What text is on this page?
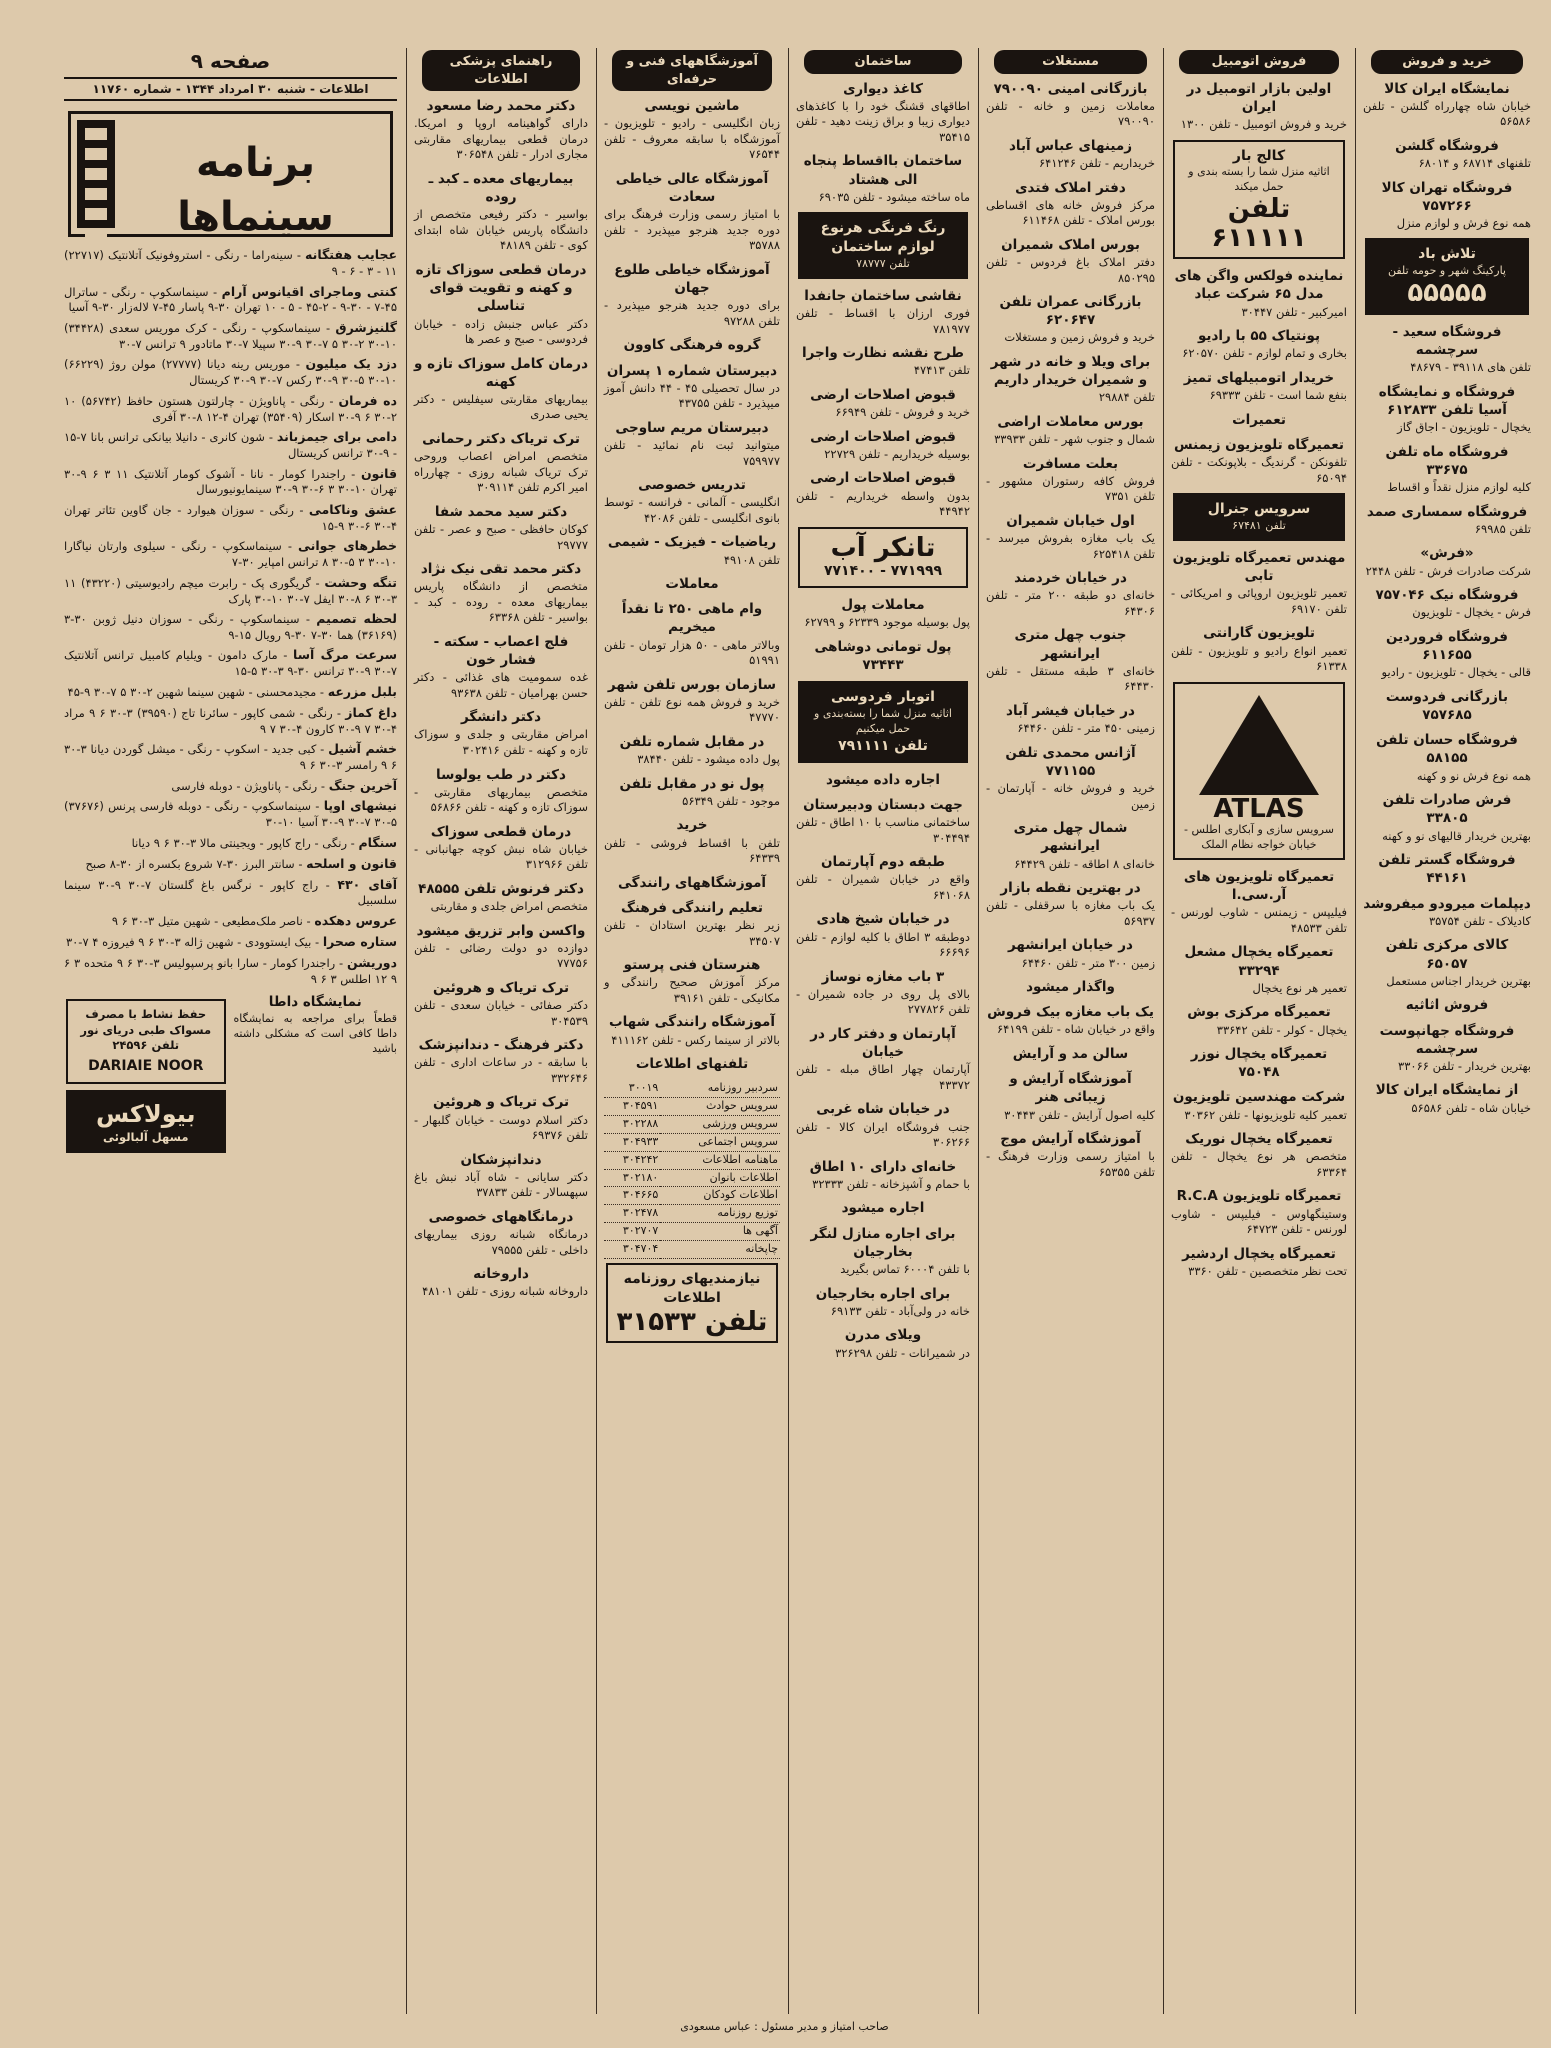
خرید و فروش
نمایشگاه ایران کالا
خیابان شاه چهارراه گلشن - تلفن ۵۶۵۸۶
فروشگاه گلشن
تلفنهای ۶۸۷۱۴ و ۶۸۰۱۴
فروشگاه تهران کالا ۷۵۷۲۶۶
همه نوع فرش و لوازم منزل
تلاش باد
پارکینگ شهر و حومه تلفن
۵۵۵۵۵
فروشگاه سعید - سرچشمه
تلفن های ۳۹۱۱۸ - ۴۸۶۷۹
فروشگاه و نمایشگاه آسیا تلفن ۶۱۲۸۳۳
یخچال - تلویزیون - اجاق گاز
فروشگاه ماه تلفن ۳۳۶۷۵
کلیه لوازم منزل نقداً و اقساط
فروشگاه سمساری صمد
تلفن ۶۹۹۸۵
«فرش»
شرکت صادرات فرش - تلفن ۲۴۴۸
فروشگاه نیک ۷۵۷۰۴۶
فرش - یخچال - تلویزیون
فروشگاه فروردین ۶۱۱۶۵۵
قالی - یخچال - تلویزیون - رادیو
بازرگانی فردوست ۷۵۷۶۸۵
فروشگاه حسان تلفن ۵۸۱۵۵
همه نوع فرش نو و کهنه
فرش صادرات تلفن ۳۳۸۰۵
بهترین خریدار قالیهای نو و کهنه
فروشگاه گستر تلفن ۴۴۱۶۱
دیپلمات میرودو میفروشد
کادیلاک - تلفن ۳۵۷۵۴
کالای مرکزی تلفن ۶۵۰۵۷
بهترین خریدار اجناس مستعمل
فروش اثاثیه
فروشگاه جهانپوست سرچشمه
بهترین خریدار - تلفن ۳۳۰۶۶
از نمایشگاه ایران کالا
خیابان شاه - تلفن ۵۶۵۸۶
فروش اتومبیل
اولین بازار اتومبیل در ایران
خرید و فروش اتومبیل - تلفن ۱۳۰۰
کالج بار
اثاثیه منزل شما را بسته بندی و حمل میکند
تلفن ۶۱۱۱۱۱
نماینده فولکس واگن های مدل ۶۵ شرکت عباد
امیرکبیر - تلفن ۳۰۴۴۷
پونتیاک ۵۵ با رادیو
بخاری و تمام لوازم - تلفن ۶۲۰۵۷۰
خریدار اتومبیلهای تمیز
بنفع شما است - تلفن ۶۹۳۳۳
تعمیرات
تعمیرگاه تلویزیون زیمنس
تلفونکن - گرندیگ - بلاپونکت - تلفن ۶۵۰۹۴
سرویس جنرال
تلفن ۶۷۴۸۱
مهندس تعمیرگاه تلویزیون تابی
تعمیر تلویزیون اروپائی و امریکائی - تلفن ۶۹۱۷۰
تلویزیون گارانتی
تعمیر انواع رادیو و تلویزیون - تلفن ۶۱۳۳۸
ATLAS
سرویس سازی و آبکاری اطلس - خیابان خواجه نظام الملک
تعمیرگاه تلویزیون های آر.سی.ا
فیلیپس - زیمنس - شاوب لورنس - تلفن ۴۸۵۳۳
تعمیرگاه یخچال مشعل ۳۳۲۹۴
تعمیر هر نوع یخچال
تعمیرگاه مرکزی بوش
یخچال - کولر - تلفن ۳۳۶۴۲
تعمیرگاه یخچال نوزر ۷۵۰۴۸
شرکت مهندسین تلویزیون
تعمیر کلیه تلویزیونها - تلفن ۳۰۳۶۲
تعمیرگاه یخچال نوریک
متخصص هر نوع یخچال - تلفن ۶۳۳۶۴
تعمیرگاه تلویزیون R.C.A
وستینگهاوس - فیلیپس - شاوب لورنس - تلفن ۶۴۷۲۳
تعمیرگاه یخچال اردشیر
تحت نظر متخصصین - تلفن ۳۳۶۰
مستغلات
بازرگانی امینی ۷۹۰۰۹۰
معاملات زمین و خانه - تلفن ۷۹۰۰۹۰
زمینهای عباس آباد
خریداریم - تلفن ۶۴۱۲۴۶
دفتر املاک فتدی
مرکز فروش خانه های اقساطی بورس املاک - تلفن ۶۱۱۴۶۸
بورس املاک شمیران
دفتر املاک باغ فردوس - تلفن ۸۵۰۲۹۵
بازرگانی عمران تلفن ۶۲۰۶۴۷
خرید و فروش زمین و مستغلات
برای ویلا و خانه در شهر و شمیران خریدار داریم
تلفن ۲۹۸۸۴
بورس معاملات اراضی
شمال و جنوب شهر - تلفن ۳۳۹۳۳
بعلت مسافرت
فروش کافه رستوران مشهور - تلفن ۷۳۵۱
اول خیابان شمیران
یک باب مغازه بفروش میرسد - تلفن ۶۲۵۴۱۸
در خیابان خردمند
خانه‌ای دو طبقه ۲۰۰ متر - تلفن ۶۴۳۰۶
جنوب چهل متری ایرانشهر
خانه‌ای ۳ طبقه مستقل - تلفن ۶۴۴۳۰
در خیابان فیشر آباد
زمینی ۴۵۰ متر - تلفن ۶۴۴۶۰
آژانس محمدی تلفن ۷۷۱۱۵۵
خرید و فروش خانه - آپارتمان - زمین
شمال چهل متری ایرانشهر
خانه‌ای ۸ اطاقه - تلفن ۶۴۴۲۹
در بهترین نقطه بازار
یک باب مغازه با سرقفلی - تلفن ۵۶۹۳۷
در خیابان ایرانشهر
زمین ۳۰۰ متر - تلفن ۶۴۴۶۰
واگذار میشود
یک باب مغازه بیک فروش
واقع در خیابان شاه - تلفن ۶۴۱۹۹
سالن مد و آرایش
آموزشگاه آرایش و زیبائی هنر
کلیه اصول آرایش - تلفن ۳۰۴۴۳
آموزشگاه آرایش موج
با امتیاز رسمی وزارت فرهنگ - تلفن ۶۵۳۵۵
ساختمان
کاغذ دیواری
اطاقهای قشنگ خود را با کاغذهای دیواری زیبا و براق زینت دهید - تلفن ۳۵۴۱۵
ساختمان بااقساط پنجاه الی هشتاد
ماه ساخته میشود - تلفن ۶۹۰۳۵
رنگ فرنگی هرنوع لوازم ساختمان
تلفن ۷۸۷۷۷
نقاشی ساختمان جانفدا
فوری ارزان با اقساط - تلفن ۷۸۱۹۷۷
طرح نقشه نظارت واجرا
تلفن ۴۷۴۱۳
قبوض اصلاحات ارضی
خرید و فروش - تلفن ۶۶۹۴۹
قبوض اصلاحات ارضی
بوسیله خریداریم - تلفن ۲۲۷۲۹
قبوض اصلاحات ارضی
بدون واسطه خریداریم - تلفن ۴۴۹۴۲
تانکر آب
۷۷۱۹۹۹ - ۷۷۱۴۰۰
معاملات پول
پول بوسیله موجود ۶۲۳۳۹ و ۶۲۷۹۹
پول تومانی دوشاهی ۷۳۴۴۳
اتوبار فردوسی
اثاثیه منزل شما را بسته‌بندی و حمل میکنیم
تلفن ۷۹۱۱۱۱
اجاره داده میشود
جهت دبستان ودبیرستان
ساختمانی مناسب با ۱۰ اطاق - تلفن ۳۰۴۴۹۴
طبقه دوم آپارتمان
واقع در خیابان شمیران - تلفن ۶۴۱۰۶۸
در خیابان شیخ هادی
دوطبقه ۳ اطاق با کلیه لوازم - تلفن ۶۶۶۹۶
۳ باب مغازه نوساز
بالای پل روی در جاده شمیران - تلفن ۲۷۷۸۲۶
آپارتمان و دفتر کار در خیابان
آپارتمان چهار اطاق مبله - تلفن ۴۳۳۷۲
در خیابان شاه غربی
جنب فروشگاه ایران کالا - تلفن ۳۰۶۲۶۶
خانه‌ای دارای ۱۰ اطاق
با حمام و آشپزخانه - تلفن ۳۲۳۳۳
اجاره میشود
برای اجاره منازل لنگر بخارجیان
با تلفن ۶۰۰۰۴ تماس بگیرید
برای اجاره بخارجیان
خانه در ولی‌آباد - تلفن ۶۹۱۳۳
ویلای مدرن
در شمیرانات - تلفن ۳۲۶۲۹۸
آموزشگاههای فنی و حرفه‌ای
ماشین نویسی
زبان انگلیسی - رادیو - تلویزیون - آموزشگاه با سابقه معروف - تلفن ۷۶۵۴۴
آموزشگاه عالی خیاطی سعادت
با امتیاز رسمی وزارت فرهنگ برای دوره جدید هنرجو میپذیرد - تلفن ۳۵۷۸۸
آموزشگاه خیاطی طلوع جهان
برای دوره جدید هنرجو میپذیرد - تلفن ۹۷۲۸۸
گروه فرهنگی کاوون
دبیرستان شماره ۱ پسران
در سال تحصیلی ۴۵ - ۴۴ دانش آموز میپذیرد - تلفن ۴۳۷۵۵
دبیرستان مریم ساوجی
میتوانید ثبت نام نمائید - تلفن ۷۵۹۹۷۷
تدریس خصوصی
انگلیسی - آلمانی - فرانسه - توسط بانوی انگلیسی - تلفن ۴۲۰۸۶
ریاضیات - فیزیک - شیمی
تلفن ۴۹۱۰۸
معاملات
وام ماهی ۲۵۰ تا نقداً میخریم
وبالاتر ماهی - ۵۰ هزار تومان - تلفن ۵۱۹۹۱
سازمان بورس تلفن شهر
خرید و فروش همه نوع تلفن - تلفن ۴۷۷۷۰
در مقابل شماره تلفن
پول داده میشود - تلفن ۳۸۴۴۰
پول نو در مقابل تلفن
موجود - تلفن ۵۶۳۴۹
خرید
تلفن با اقساط فروشی - تلفن ۶۴۳۳۹
آموزشگاههای رانندگی
تعلیم رانندگی فرهنگ
زیر نظر بهترین استادان - تلفن ۳۴۵۰۷
هنرستان فنی پرستو
مرکز آموزش صحیح رانندگی و مکانیکی - تلفن ۳۹۱۶۱
آموزشگاه رانندگی شهاب
بالاتر از سینما رکس - تلفن ۴۱۱۱۶۲
تلفنهای اطلاعات
سردبیر روزنامه	۳۰۰۱۹
سرویس حوادث	۳۰۴۵۹۱
سرویس ورزشی	۳۰۲۲۸۸
سرویس اجتماعی	۳۰۴۹۳۳
ماهنامه اطلاعات	۳۰۴۲۴۲
اطلاعات بانوان	۳۰۲۱۸۰
اطلاعات کودکان	۳۰۴۶۶۵
توزیع روزنامه	۳۰۲۴۷۸
آگهی ها	۳۰۲۷۰۷
چاپخانه	۳۰۴۷۰۴
نیازمندیهای روزنامه اطلاعات
تلفن ۳۱۵۳۳
راهنمای پزشکی اطلاعات
دکتر محمد رضا مسعود
دارای گواهینامه اروپا و امریکا. درمان قطعی بیماریهای مقاربتی مجاری ادرار - تلفن ۳۰۶۵۴۸
بیماریهای معده ـ کبد ـ روده
بواسیر - دکتر رفیعی متخصص از دانشگاه پاریس خیابان شاه ابتدای کوی - تلفن ۴۸۱۸۹
درمان قطعی سوزاک تازه و کهنه و تقویت قوای تناسلی
دکتر عباس جنبش زاده - خیابان فردوسی - صبح و عصر ها
درمان کامل سوزاک تازه و کهنه
بیماریهای مقاربتی سیفلیس - دکتر یحیی صدری
ترک تریاک دکتر رحمانی
متخصص امراض اعصاب وروحی ترک تریاک شبانه روزی - چهارراه امیر اکرم تلفن ۳۰۹۱۱۴
دکتر سید محمد شفا
کوکان حافظی - صبح و عصر - تلفن ۲۹۷۷۷
دکتر محمد تقی نیک نژاد
متخصص از دانشگاه پاریس بیماریهای معده - روده - کبد - بواسیر - تلفن ۶۳۳۶۸
فلج اعصاب - سکته - فشار خون
غده سمومیت های غذائی - دکتر حسن بهرامیان - تلفن ۹۳۶۳۸
دکتر دانشگر
امراض مقاربتی و جلدی و سوزاک تازه و کهنه - تلفن ۳۰۲۴۱۶
دکتر در طب یولوسا
متخصص بیماریهای مقاربتی - سوزاک تازه و کهنه - تلفن ۵۶۸۶۶
درمان قطعی سوزاک
خیابان شاه نبش کوچه جهانبانی - تلفن ۳۱۲۹۶۶
دکتر فرنوش تلفن ۴۸۵۵۵
متخصص امراض جلدی و مقاربتی
واکسن وابر تزریق میشود
دوازده دو دولت رضائی - تلفن ۷۷۷۵۶
ترک تریاک و هروئین
دکتر صفائی - خیابان سعدی - تلفن ۳۰۴۵۳۹
دکتر فرهنگ - دندانپزشک
با سابقه - در ساعات اداری - تلفن ۳۳۲۶۴۶
ترک تریاک و هروئین
دکتر اسلام دوست - خیابان گلبهار - تلفن ۶۹۳۷۶
دندانپزشکان
دکتر سایانی - شاه آباد نبش باغ سپهسالار - تلفن ۳۷۸۳۳
درمانگاههای خصوصی
درمانگاه شبانه روزی بیماریهای داخلی - تلفن ۷۹۵۵۵
داروخانه
داروخانه شبانه روزی - تلفن ۴۸۱۰۱
صفحه ۹
اطلاعات - شنبه ۳۰ امرداد ۱۳۴۴ - شماره ۱۱۷۶۰
برنامه سینماها
عجایب هفتگانه ‑ سینه‌راما - رنگی - استروفونیک آتلانتیک (۲۲۷۱۷) ۱۱ - ۳ - ۶ - ۹
کنتی وماجرای اقیانوس آرام ‑ سینماسکوپ - رنگی - ساترال ۴۵-۷ - ۳۰-۹ - ۲-۴۵ - ۵ - ۱۰ تهران ۳۰-۹ پاسار ۴۵-۷ لاله‌زار ۳۰-۹ آسیا
گلنیزشرق ‑ سینماسکوپ - رنگی - کرک موریس سعدی (۳۴۴۲۸) ۱۰-۳۰ ۲-۳۰ ۵ ۷-۳۰ ۹-۳۰ سپیلا ۷-۳۰ ماتادور ۹ ترانس ۷-۳۰
دزد یک میلیون ‑ موریس رینه دیانا (۲۷۷۷۷) مولن روژ (۶۶۲۲۹) ۱۰-۳۰ ۵-۳۰ ۹-۳۰ رکس ۷-۳۰ ۹-۳۰ کریستال
ده فرمان ‑ رنگی - پاناویژن - چارلتون هستون حافظ (۵۶۷۴۲) ۱۰ ۲-۳۰ ۶ ۹-۳۰ اسکار (۳۵۴۰۹) تهران ۴-۱۲ ۸-۳۰ آفری
دامی برای جیمزباند ‑ شون کانری - دانیلا بیانکی ترانس بانا ۷-۱۵ - ۹-۳۰ ترانس کریستال
قانون ‑ راجندرا کومار - نانا - آشوک کومار آتلانتیک ۱۱ ۳ ۶ ۹-۳۰ تهران ۱۰-۳۰ ۳ ۶-۳۰ ۹-۳۰ سینمایونیورسال
عشق وناکامی ‑ رنگی - سوزان هیوارد - جان گاوین تئاتر تهران ۴-۳۰ ۶-۳۰ ۹-۱۵
خطرهای جوانی ‑ سینماسکوپ - رنگی - سیلوی وارتان نیاگارا ۱۰-۳۰ ۳ ۵-۳۰ ۸ ترانس امپایر ۳۰-۷
تنگه وحشت ‑ گریگوری پک - رابرت میچم رادیوسیتی (۴۳۲۲۰) ۱۱ ۳-۳۰ ۶ ۸-۳۰ ایفل ۷-۳۰ ۱۰-۳۰ پارک
لحظه تصمیم ‑ سینماسکوپ - رنگی - سوزان دنیل ژوبن ۳۰-۳ (۳۶۱۶۹) هما ۳۰-۷ ۳۰-۹ رویال ۱۵-۹
سرعت مرگ آسا ‑ مارک دامون - ویلیام کامبیل ترانس آتلانتیک ۷-۳۰ ۹-۳۰ ترانس ۳۰-۹ ۳-۳۰ ۵-۱۵
بلبل مزرعه ‑ مجیدمحسنی - شهین سینما شهین ۲-۳۰ ۵ ۷-۳۰ ۹-۴۵
داغ کماز ‑ رنگی - شمی کاپور - سائرنا تاج (۳۹۵۹۰) ۳-۳۰ ۶ ۹ مراد ۴-۳۰ ۷ ۹-۳۰ کارون ۴-۳۰ ۷ ۹
خشم آشیل ‑ کبی جدید - اسکوپ - رنگی - میشل گوردن دیانا ۳-۳۰ ۶ ۹ رامسر ۳-۳۰ ۶ ۹
آخرین جنگ ‑ رنگی - پاناویژن - دوبله فارسی
نیشهای اوپا ‑ سینماسکوپ - رنگی - دوبله فارسی پرنس (۳۷۶۷۶) ۵-۳۰ ۷-۳۰ ۹-۳۰ آسیا ۱۰-۳۰
سنگام ‑ رنگی - راج کاپور - ویجینتی مالا ۳-۳۰ ۶ ۹ دیانا
قانون و اسلحه ‑ سانتر البرز ۳۰-۷ شروع بکسره از ۳۰-۸ صبح
آقای ۴۳۰ ‑ راج کاپور - نرگس باغ گلستان ۷-۳۰ ۹-۳۰ سینما سلسبیل
عروس دهکده ‑ ناصر ملک‌مطیعی - شهین متیل ۳-۳۰ ۶ ۹
ستاره صحرا ‑ بیک ایستوودی - شهین ژاله ۳-۳۰ ۶ ۹ فیروزه ۴ ۷-۳۰
دوریشن ‑ راجندرا کومار - سارا بانو پرسپولیس ۳-۳۰ ۶ ۹ متحده ۳ ۶ ۹ ۱۲ اطلس ۳ ۶ ۹
نمایشگاه داطا
قطعاً برای مراجعه به نمایشگاه داطا کافی است که مشکلی داشته باشید
حفظ نشاط با مصرف مسواک طبی دریای نور تلفن ۲۴۵۹۶
DARIAIE NOOR
بیولاکس
مسهل آلبالوئی
صاحب امتیاز و مدیر مسئول : عباس مسعودی
